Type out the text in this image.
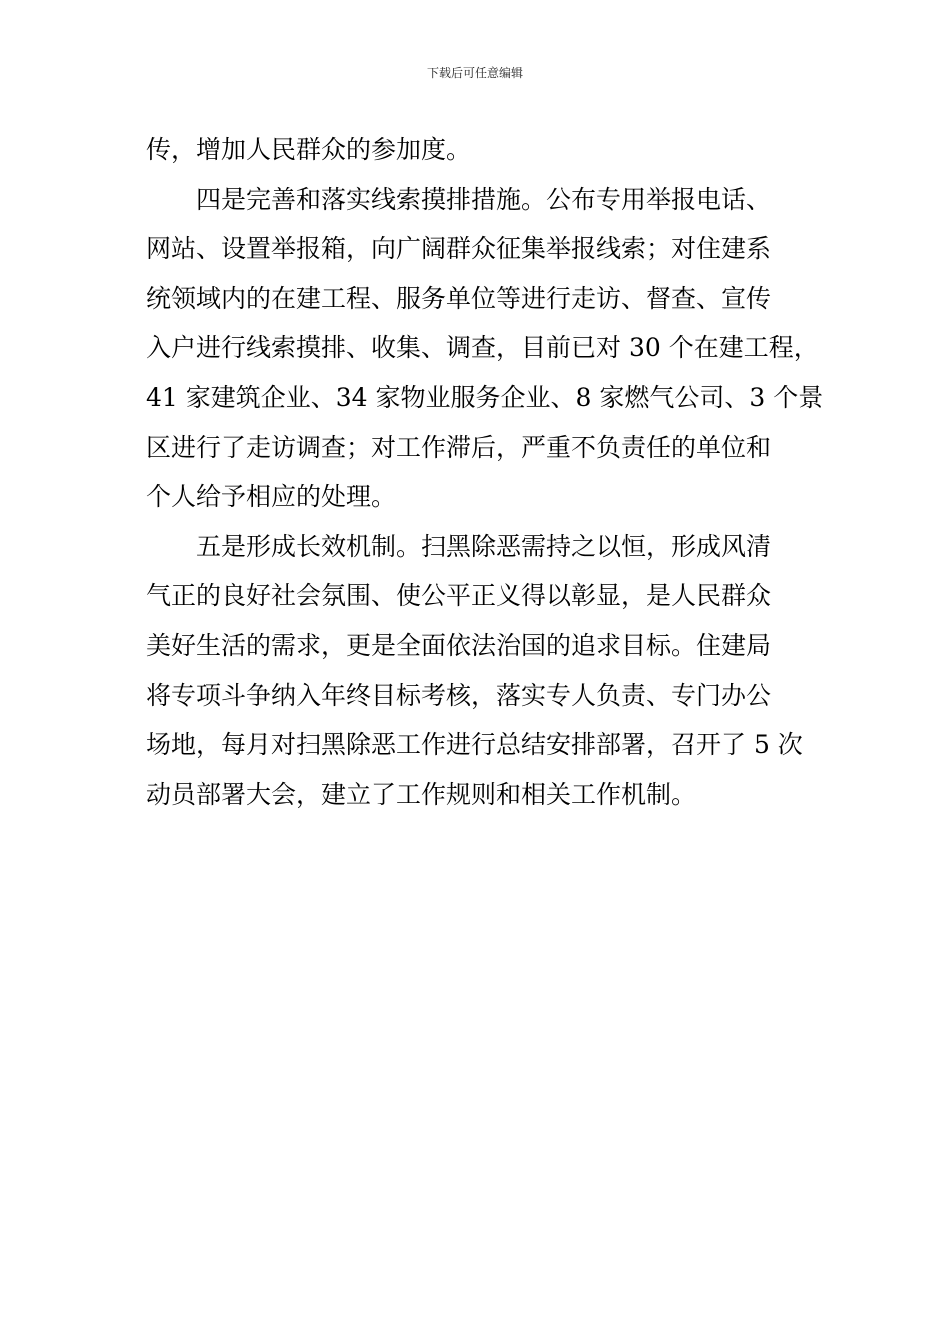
下载后可任意编辑
传，增加人民群众的参加度。
四是完善和落实线索摸排措施。公布专用举报电话、
网站、设置举报箱，向广阔群众征集举报线索；对住建系
统领域内的在建工程、服务单位等进行走访、督查、宣传
入户进行线索摸排、收集、调查，目前已对 30 个在建工程，
41 家建筑企业、34 家物业服务企业、8 家燃气公司、3 个景
区进行了走访调查；对工作滞后，严重不负责任的单位和
个人给予相应的处理。
五是形成长效机制。扫黑除恶需持之以恒，形成风清
气正的良好社会氛围、使公平正义得以彰显，是人民群众
美好生活的需求，更是全面依法治国的追求目标。住建局
将专项斗争纳入年终目标考核，落实专人负责、专门办公
场地，每月对扫黑除恶工作进行总结安排部署，召开了 5 次
动员部署大会，建立了工作规则和相关工作机制。
